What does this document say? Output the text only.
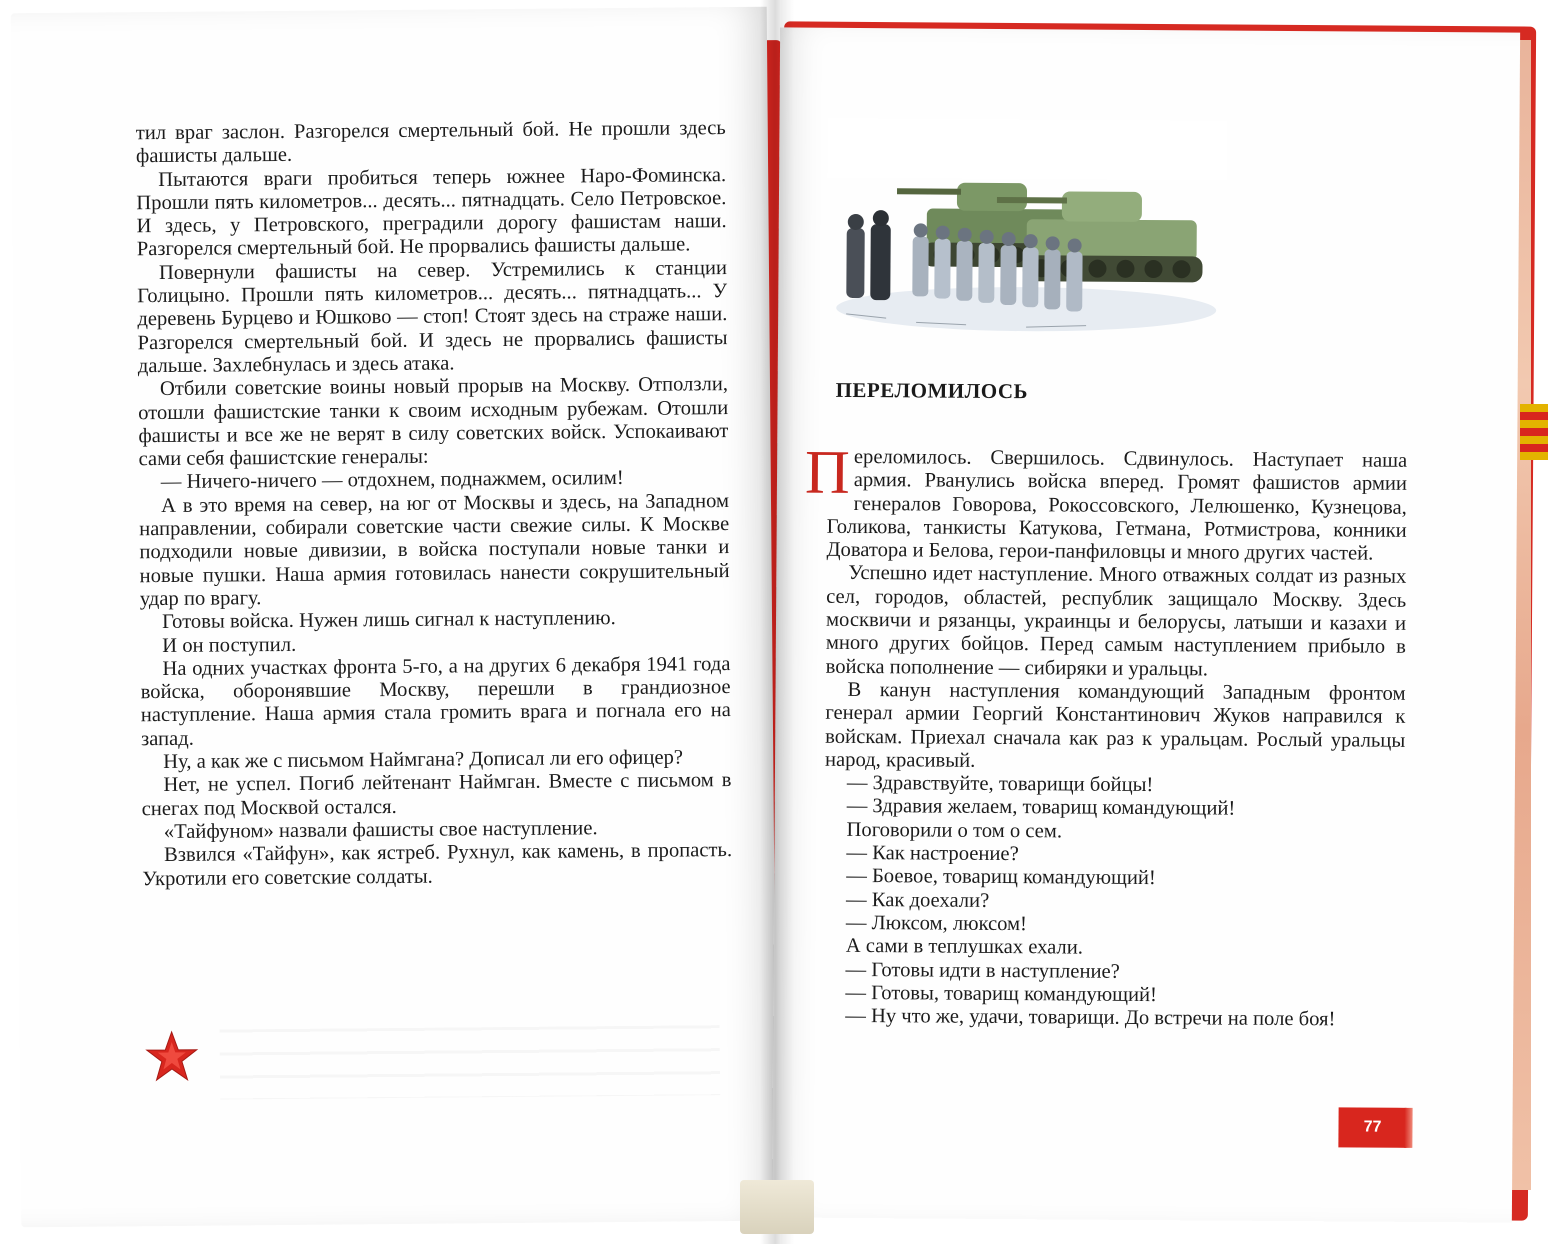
тил враг заслон. Разгорелся смертельный бой. Не прошли здесь фашисты дальше.

Пытаются враги пробиться теперь южнее Наро-Фоминска. Прошли пять километров... десять... пятнадцать. Село Петровское. И здесь, у Петровского, преградили дорогу фашистам наши. Разгорелся смертельный бой. Не прорвались фашисты дальше.

Повернули фашисты на север. Устремились к станции Голицыно. Прошли пять километров... десять... пятнадцать... У деревень Бурцево и Юшково — стоп! Стоят здесь на страже наши. Разгорелся смертельный бой. И здесь не прорвались фашисты дальше. Захлебнулась и здесь атака.

Отбили советские воины новый прорыв на Москву. Отползли, отошли фашистские танки к своим исходным рубежам. Отошли фашисты и все же не верят в силу советских войск. Успокаивают сами себя фашистские генералы:

— Ничего-ничего — отдохнем, поднажмем, осилим!

А в это время на север, на юг от Москвы и здесь, на Западном направлении, собирали советские части свежие силы. К Москве подходили новые дивизии, в войска поступали новые танки и новые пушки. Наша армия готовилась нанести сокрушительный удар по врагу.

Готовы войска. Нужен лишь сигнал к наступлению.

И он поступил.

На одних участках фронта 5-го, а на других 6 декабря 1941 года войска, оборонявшие Москву, перешли в грандиозное наступление. Наша армия стала громить врага и погнала его на запад.

Ну, а как же с письмом Наймгана? Дописал ли его офицер?

Нет, не успел. Погиб лейтенант Наймган. Вместе с письмом в снегах под Москвой остался.

«Тайфуном» назвали фашисты свое наступление.

Взвился «Тайфун», как ястреб. Рухнул, как камень, в пропасть. Укротили его советские солдаты.

ПЕРЕЛОМИЛОСЬ

Переломилось. Свершилось. Сдвинулось. Наступает наша армия. Рванулись войска вперед. Громят фашистов армии генералов Говорова, Рокоссовского, Лелюшенко, Кузнецова, Голикова, танкисты Катукова, Гетмана, Ротмистрова, конники Доватора и Белова, герои-панфиловцы и много других частей.

Успешно идет наступление. Много отважных солдат из разных сел, городов, областей, республик защищало Москву. Здесь москвичи и рязанцы, украинцы и белорусы, латыши и казахи и много других бойцов. Перед самым наступлением прибыло в войска пополнение — сибиряки и уральцы.

В канун наступления командующий Западным фронтом генерал армии Георгий Константинович Жуков направился к войскам. Приехал сначала как раз к уральцам. Рослый уральцы народ, красивый.

— Здравствуйте, товарищи бойцы!

— Здравия желаем, товарищ командующий!

Поговорили о том о сем.

— Как настроение?

— Боевое, товарищ командующий!

— Как доехали?

— Люксом, люксом!

А сами в теплушках ехали.

— Готовы идти в наступление?

— Готовы, товарищ командующий!

— Ну что же, удачи, товарищи. До встречи на поле боя!

77
